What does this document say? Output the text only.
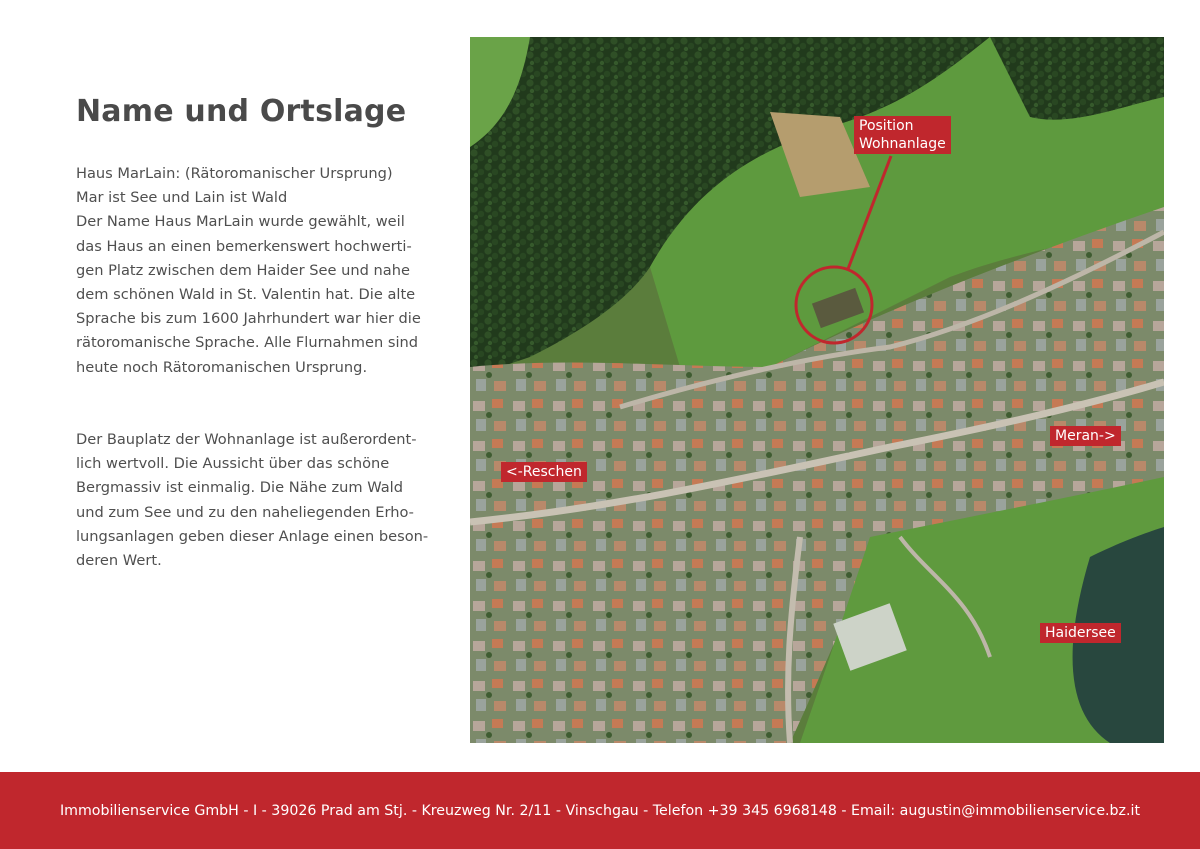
Name und Ortslage

Haus MarLain: (Rätoromanischer Ursprung)
Mar ist See und Lain ist Wald
Der Name Haus MarLain wurde gewählt, weil
das Haus an einen bemerkenswert hochwerti-
gen Platz zwischen dem Haider See und nahe
dem schönen Wald in St. Valentin hat. Die alte
Sprache bis zum 1600 Jahrhundert war hier die
rätoromanische Sprache. Alle Flurnahmen sind
heute noch Rätoromanischen Ursprung.

Der Bauplatz der Wohnanlage ist außerordent-
lich wertvoll. Die Aussicht über das schöne
Bergmassiv ist einmalig. Die Nähe zum Wald
und zum See und zu den naheliegenden Erho-
lungsanlagen geben dieser Anlage einen beson-
deren Wert.

Position
Wohnanlage
<-Reschen
Meran->
Haidersee
Immobilienservice GmbH - I - 39026 Prad am Stj. - Kreuzweg Nr. 2/11 - Vinschgau - Telefon +39 345 6968148 - Email: augustin@immobilienservice.bz.it
